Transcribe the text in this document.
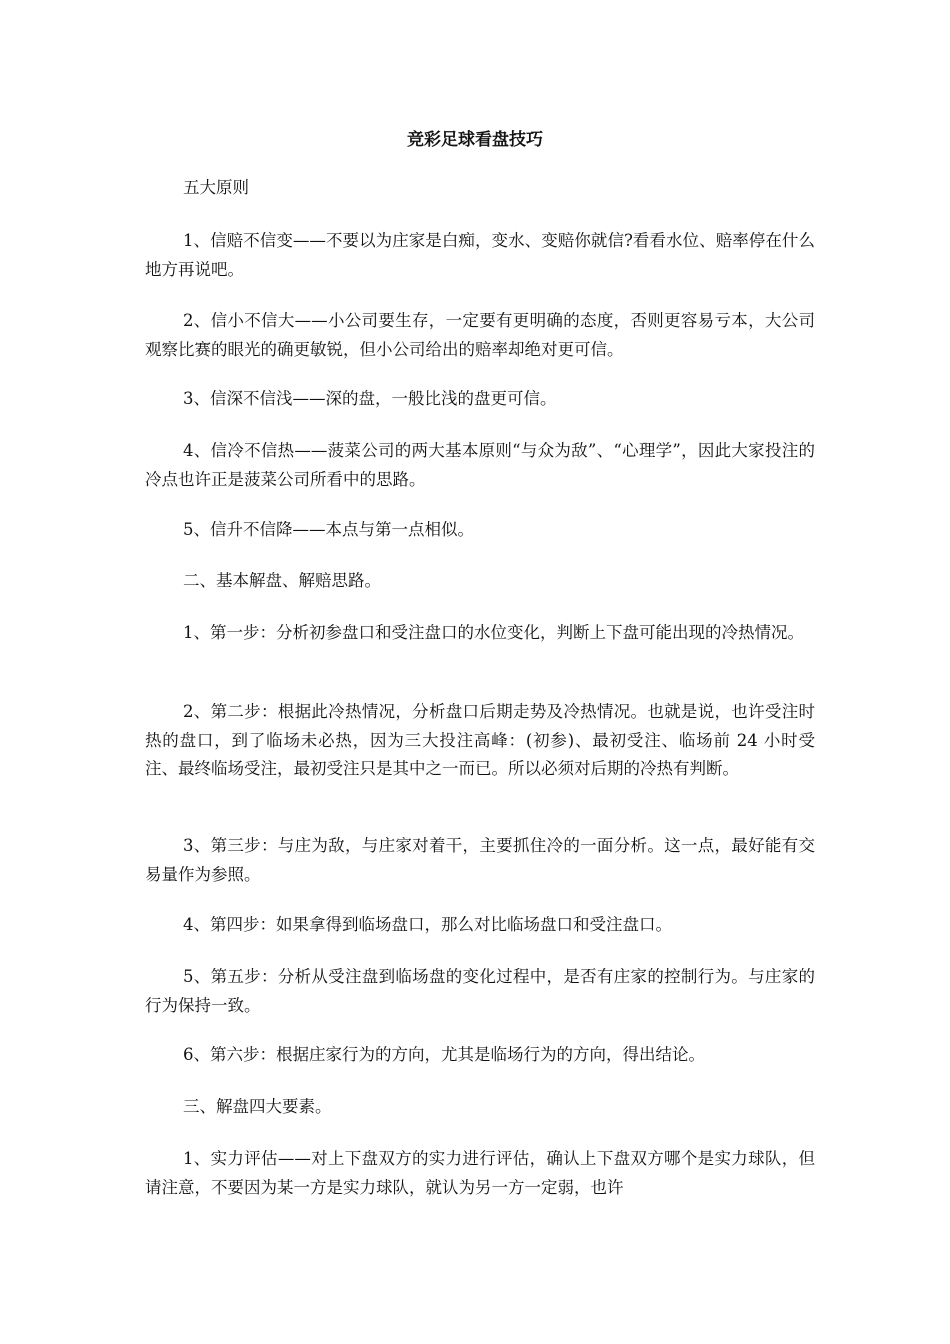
竞彩足球看盘技巧

五大原则

1、信赔不信变——不要以为庄家是白痴，变水、变赔你就信?看看水位、赔率停在什么地方再说吧。

2、信小不信大——小公司要生存，一定要有更明确的态度，否则更容易亏本，大公司观察比赛的眼光的确更敏锐，但小公司给出的赔率却绝对更可信。

3、信深不信浅——深的盘，一般比浅的盘更可信。

4、信冷不信热——菠菜公司的两大基本原则“与众为敌”、“心理学”，因此大家投注的冷点也许正是菠菜公司所看中的思路。

5、信升不信降——本点与第一点相似。

二、基本解盘、解赔思路。

1、第一步：分析初参盘口和受注盘口的水位变化，判断上下盘可能出现的冷热情况。

2、第二步：根据此冷热情况，分析盘口后期走势及冷热情况。也就是说，也许受注时热的盘口，到了临场未必热，因为三大投注高峰：(初参)、最初受注、临场前 24 小时受注、最终临场受注，最初受注只是其中之一而已。所以必须对后期的冷热有判断。

3、第三步：与庄为敌，与庄家对着干，主要抓住冷的一面分析。这一点，最好能有交易量作为参照。

4、第四步：如果拿得到临场盘口，那么对比临场盘口和受注盘口。

5、第五步：分析从受注盘到临场盘的变化过程中，是否有庄家的控制行为。与庄家的行为保持一致。

6、第六步：根据庄家行为的方向，尤其是临场行为的方向，得出结论。

三、解盘四大要素。

1、实力评估——对上下盘双方的实力进行评估，确认上下盘双方哪个是实力球队，但请注意，不要因为某一方是实力球队，就认为另一方一定弱，也许
